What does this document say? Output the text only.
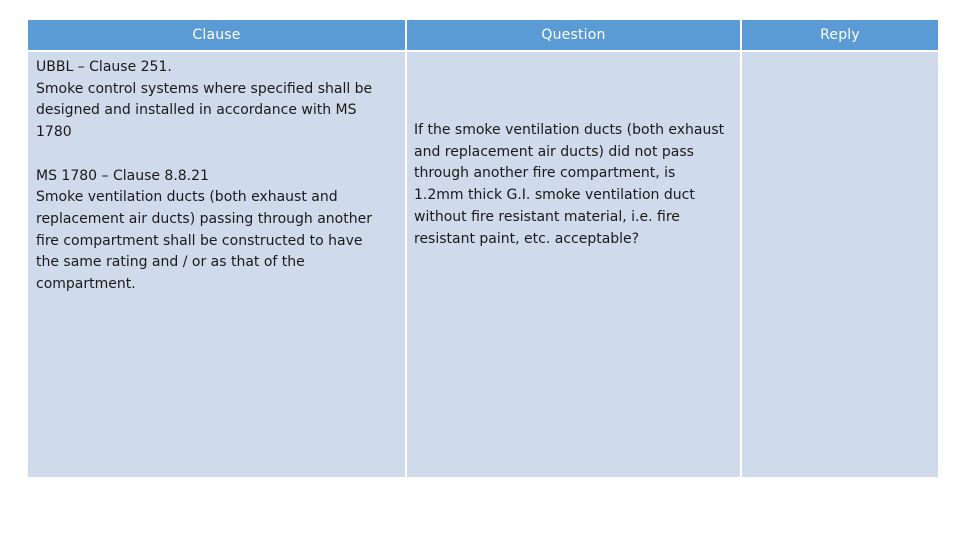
Clause	Question	Reply
UBBL – Clause 251.
Smoke control systems where specified shall be
designed and installed in accordance with MS
1780
MS 1780 – Clause 8.8.21
Smoke ventilation ducts (both exhaust and
replacement air ducts) passing through another
fire compartment shall be constructed to have
the same rating and / or as that of the
compartment.
If the smoke ventilation ducts (both exhaust
and replacement air ducts) did not pass
through another fire compartment, is
1.2mm thick G.I. smoke ventilation duct
without fire resistant material, i.e. fire
resistant paint, etc. acceptable?
